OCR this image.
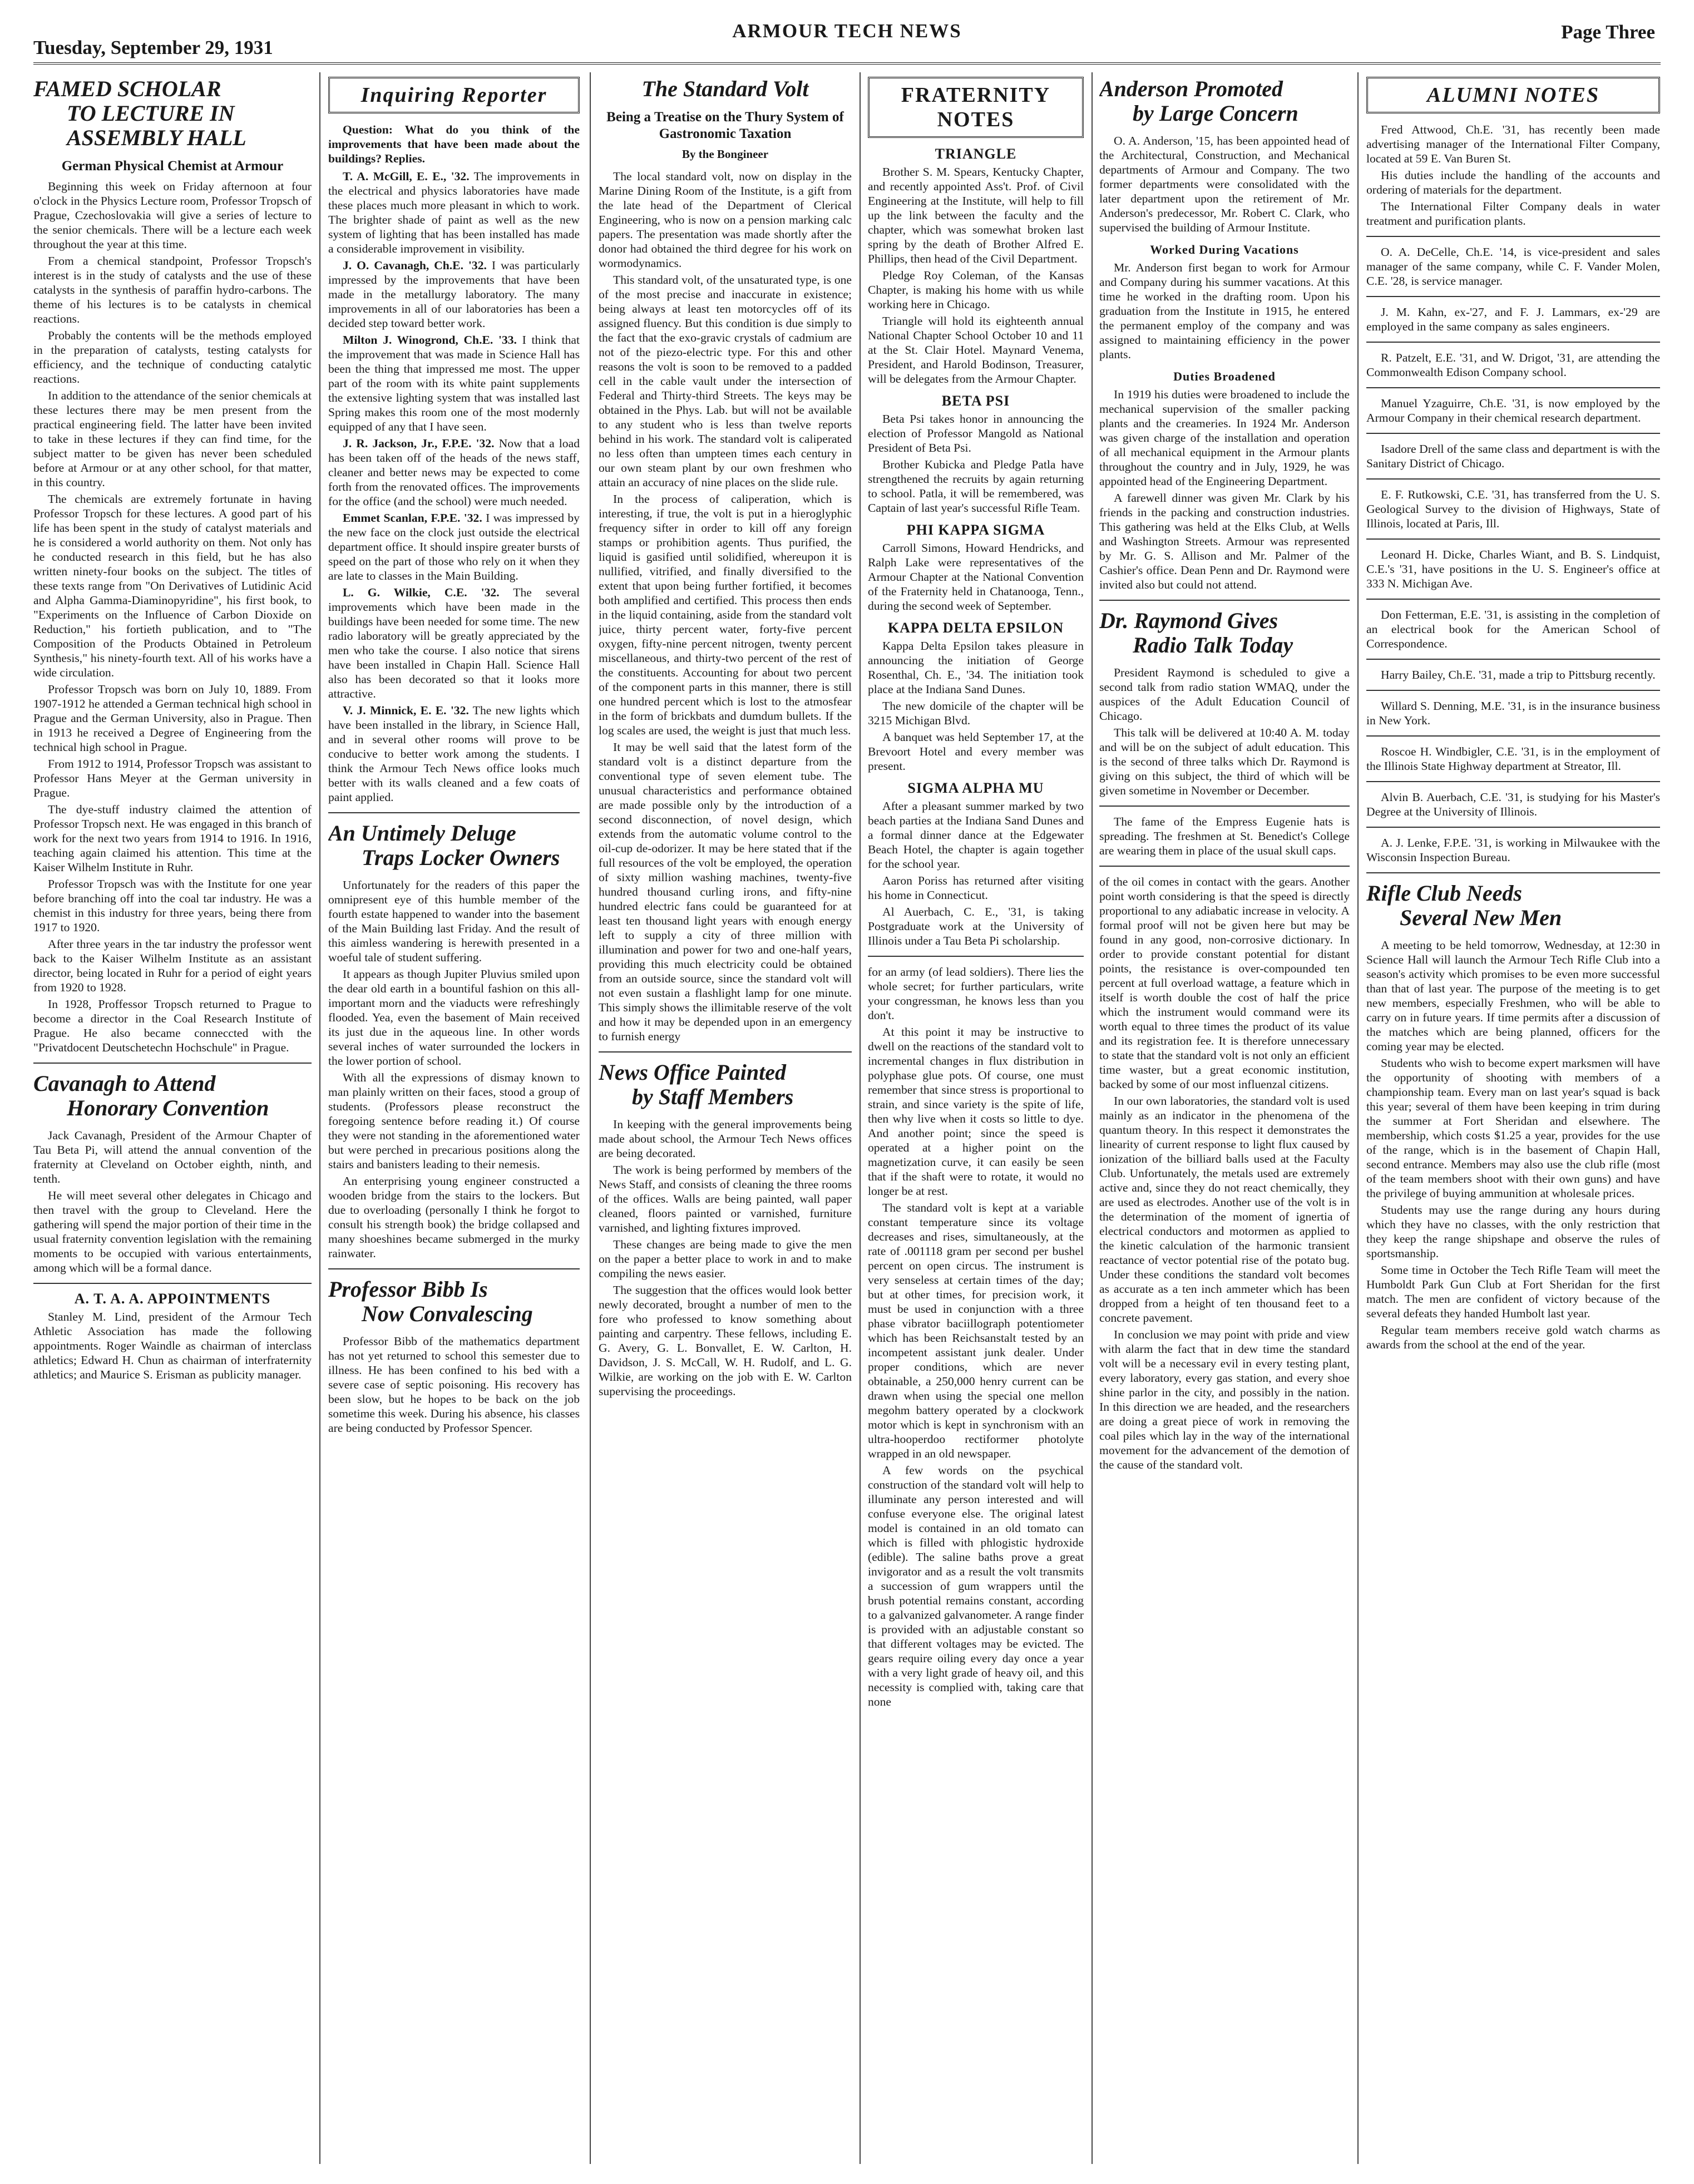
Tuesday, September 29, 1931
ARMOUR TECH NEWS	Page Three
FAMED SCHOLAR

TO LECTURE IN
ASSEMBLY HALL
German Physical Chemist at Armour

Beginning this week on Friday afternoon at four o'clock in the Physics Lecture room, Professor Tropsch of Prague, Czechoslovakia will give a series of lecture to the senior chemicals. There will be a lecture each week throughout the year at this time.

From a chemical standpoint, Professor Tropsch's interest is in the study of catalysts and the use of these catalysts in the synthesis of paraffin hydro-carbons. The theme of his lectures is to be catalysts in chemical reactions.

Probably the contents will be the methods employed in the preparation of catalysts, testing catalysts for efficiency, and the technique of conducting catalytic reactions.

In addition to the attendance of the senior chemicals at these lectures there may be men present from the practical engineering field. The latter have been invited to take in these lectures if they can find time, for the subject matter to be given has never been scheduled before at Armour or at any other school, for that matter, in this country.

The chemicals are extremely fortunate in having Professor Tropsch for these lectures. A good part of his life has been spent in the study of catalyst materials and he is considered a world authority on them. Not only has he conducted research in this field, but he has also written ninety-four books on the subject. The titles of these texts range from "On Derivatives of Lutidinic Acid and Alpha Gamma-Diaminopyridine", his first book, to "Experiments on the Influence of Carbon Dioxide on Reduction," his fortieth publication, and to "The Composition of the Products Obtained in Petroleum Synthesis," his ninety-fourth text. All of his works have a wide circulation.

Professor Tropsch was born on July 10, 1889. From 1907-1912 he attended a German technical high school in Prague and the German University, also in Prague. Then in 1913 he received a Degree of Engineering from the technical high school in Prague.

From 1912 to 1914, Professor Tropsch was assistant to Professor Hans Meyer at the German university in Prague.

The dye-stuff industry claimed the attention of Professor Tropsch next. He was engaged in this branch of work for the next two years from 1914 to 1916. In 1916, teaching again claimed his attention. This time at the Kaiser Wilhelm Institute in Ruhr.

Professor Tropsch was with the Institute for one year before branching off into the coal tar industry. He was a chemist in this industry for three years, being there from 1917 to 1920.

After three years in the tar industry the professor went back to the Kaiser Wilhelm Institute as an assistant director, being located in Ruhr for a period of eight years from 1920 to 1928.

In 1928, Proffessor Tropsch returned to Prague to become a director in the Coal Research Institute of Prague. He also became conneccted with the "Privatdocent Deutschetechn Hochschule" in Prague.

Cavanagh to Attend
Honorary Convention

Jack Cavanagh, President of the Armour Chapter of Tau Beta Pi, will attend the annual convention of the fraternity at Cleveland on October eighth, ninth, and tenth.

He will meet several other delegates in Chicago and then travel with the group to Cleveland. Here the gathering will spend the major portion of their time in the usual fraternity convention legislation with the remaining moments to be occupied with various entertainments, among which will be a formal dance.

A. T. A. A. APPOINTMENTS

Stanley M. Lind, president of the Armour Tech Athletic Association has made the following appointments. Roger Waindle as chairman of interclass athletics; Edward H. Chun as chairman of interfraternity athletics; and Maurice S. Erisman as publicity manager.

Inquiring Reporter
Question: What do you think of the improvements that have been made about the buildings? Replies.

T. A. McGill, E. E., '32. The improvements in the electrical and physics laboratories have made these places much more pleasant in which to work. The brighter shade of paint as well as the new system of lighting that has been installed has made a considerable improvement in visibility.

J. O. Cavanagh, Ch.E. '32. I was particularly impressed by the improvements that have been made in the metallurgy laboratory. The many improvements in all of our laboratories has been a decided step toward better work.

Milton J. Winogrond, Ch.E. '33. I think that the improvement that was made in Science Hall has been the thing that impressed me most. The upper part of the room with its white paint supplements the extensive lighting system that was installed last Spring makes this room one of the most modernly equipped of any that I have seen.

J. R. Jackson, Jr., F.P.E. '32. Now that a load has been taken off of the heads of the news staff, cleaner and better news may be expected to come forth from the renovated offices. The improvements for the office (and the school) were much needed.

Emmet Scanlan, F.P.E. '32. I was impressed by the new face on the clock just outside the electrical department office. It should inspire greater bursts of speed on the part of those who rely on it when they are late to classes in the Main Building.

L. G. Wilkie, C.E. '32. The several improvements which have been made in the buildings have been needed for some time. The new radio laboratory will be greatly appreciated by the men who take the course. I also notice that sirens have been installed in Chapin Hall. Science Hall also has been decorated so that it looks more attractive.

V. J. Minnick, E. E. '32. The new lights which have been installed in the library, in Science Hall, and in several other rooms will prove to be conducive to better work among the students. I think the Armour Tech News office looks much better with its walls cleaned and a few coats of paint applied.

An Untimely Deluge
Traps Locker Owners

Unfortunately for the readers of this paper the omnipresent eye of this humble member of the fourth estate happened to wander into the basement of the Main Building last Friday. And the result of this aimless wandering is herewith presented in a woeful tale of student suffering.

It appears as though Jupiter Pluvius smiled upon the dear old earth in a bountiful fashion on this all-important morn and the viaducts were refreshingly flooded. Yea, even the basement of Main received its just due in the aqueous line. In other words several inches of water surrounded the lockers in the lower portion of school.

With all the expressions of dismay known to man plainly written on their faces, stood a group of students. (Professors please reconstruct the foregoing sentence before reading it.) Of course they were not standing in the aforementioned water but were perched in precarious positions along the stairs and banisters leading to their nemesis.

An enterprising young engineer constructed a wooden bridge from the stairs to the lockers. But due to overloading (personally I think he forgot to consult his strength book) the bridge collapsed and many shoeshines became submerged in the murky rainwater.

Professor Bibb Is
Now Convalescing

Professor Bibb of the mathematics department has not yet returned to school this semester due to illness. He has been confined to his bed with a severe case of septic poisoning. His recovery has been slow, but he hopes to be back on the job sometime this week. During his absence, his classes are being conducted by Professor Spencer.

The Standard Volt
Being a Treatise on the Thury System of Gastronomic Taxation
By the Bongineer

The local standard volt, now on display in the Marine Dining Room of the Institute, is a gift from the late head of the Department of Clerical Engineering, who is now on a pension marking calc papers. The presentation was made shortly after the donor had obtained the third degree for his work on wormodynamics.

This standard volt, of the unsaturated type, is one of the most precise and inaccurate in existence; being always at least ten motorcycles off of its assigned fluency. But this condition is due simply to the fact that the exo-gravic crystals of cadmium are not of the piezo-electric type. For this and other reasons the volt is soon to be removed to a padded cell in the cable vault under the intersection of Federal and Thirty-third Streets. The keys may be obtained in the Phys. Lab. but will not be available to any student who is less than twelve reports behind in his work. The standard volt is caliperated no less often than umpteen times each century in our own steam plant by our own freshmen who attain an accuracy of nine places on the slide rule.

In the process of caliperation, which is interesting, if true, the volt is put in a hieroglyphic frequency sifter in order to kill off any foreign stamps or prohibition agents. Thus purified, the liquid is gasified until solidified, whereupon it is nullified, vitrified, and finally diversified to the extent that upon being further fortified, it becomes both amplified and certified. This process then ends in the liquid containing, aside from the standard volt juice, thirty percent water, forty-five percent oxygen, fifty-nine percent nitrogen, twenty percent miscellaneous, and thirty-two percent of the rest of the constituents. Accounting for about two percent of the component parts in this manner, there is still one hundred percent which is lost to the atmosfear in the form of brickbats and dumdum bullets. If the log scales are used, the weight is just that much less.

It may be well said that the latest form of the standard volt is a distinct departure from the conventional type of seven element tube. The unusual characteristics and performance obtained are made possible only by the introduction of a second disconnection, of novel design, which extends from the automatic volume control to the oil-cup de-odorizer. It may be here stated that if the full resources of the volt be employed, the operation of sixty million washing machines, twenty-five hundred thousand curling irons, and fifty-nine hundred electric fans could be guaranteed for at least ten thousand light years with enough energy left to supply a city of three million with illumination and power for two and one-half years, providing this much electricity could be obtained from an outside source, since the standard volt will not even sustain a flashlight lamp for one minute. This simply shows the illimitable reserve of the volt and how it may be depended upon in an emergency to furnish energy

News Office Painted
by Staff Members

In keeping with the general improvements being made about school, the Armour Tech News offices are being decorated.

The work is being performed by members of the News Staff, and consists of cleaning the three rooms of the offices. Walls are being painted, wall paper cleaned, floors painted or varnished, furniture varnished, and lighting fixtures improved.

These changes are being made to give the men on the paper a better place to work in and to make compiling the news easier.

The suggestion that the offices would look better newly decorated, brought a number of men to the fore who professed to know something about painting and carpentry. These fellows, including E. G. Avery, G. L. Bonvallet, E. W. Carlton, H. Davidson, J. S. McCall, W. H. Rudolf, and L. G. Wilkie, are working on the job with E. W. Carlton supervising the proceedings.

FRATERNITY NOTES
TRIANGLE

Brother S. M. Spears, Kentucky Chapter, and recently appointed Ass't. Prof. of Civil Engineering at the Institute, will help to fill up the link between the faculty and the chapter, which was somewhat broken last spring by the death of Brother Alfred E. Phillips, then head of the Civil Department.

Pledge Roy Coleman, of the Kansas Chapter, is making his home with us while working here in Chicago.

Triangle will hold its eighteenth annual National Chapter School October 10 and 11 at the St. Clair Hotel. Maynard Venema, President, and Harold Bodinson, Treasurer, will be delegates from the Armour Chapter.

BETA PSI

Beta Psi takes honor in announcing the election of Professor Mangold as National President of Beta Psi.

Brother Kubicka and Pledge Patla have strengthened the recruits by again returning to school. Patla, it will be remembered, was Captain of last year's successful Rifle Team.

PHI KAPPA SIGMA

Carroll Simons, Howard Hendricks, and Ralph Lake were representatives of the Armour Chapter at the National Convention of the Fraternity held in Chatanooga, Tenn., during the second week of September.

KAPPA DELTA EPSILON

Kappa Delta Epsilon takes pleasure in announcing the initiation of George Rosenthal, Ch. E., '34. The initiation took place at the Indiana Sand Dunes.

The new domicile of the chapter will be 3215 Michigan Blvd.

A banquet was held September 17, at the Brevoort Hotel and every member was present.

SIGMA ALPHA MU

After a pleasant summer marked by two beach parties at the Indiana Sand Dunes and a formal dinner dance at the Edgewater Beach Hotel, the chapter is again together for the school year.

Aaron Poriss has returned after visiting his home in Connecticut.

Al Auerbach, C. E., '31, is taking Postgraduate work at the University of Illinois under a Tau Beta Pi scholarship.

for an army (of lead soldiers). There lies the whole secret; for further particulars, write your congressman, he knows less than you don't.

At this point it may be instructive to dwell on the reactions of the standard volt to incremental changes in flux distribution in polyphase glue pots. Of course, one must remember that since stress is proportional to strain, and since variety is the spite of life, then why live when it costs so little to dye. And another point; since the speed is operated at a higher point on the magnetization curve, it can easily be seen that if the shaft were to rotate, it would no longer be at rest.

The standard volt is kept at a variable constant temperature since its voltage decreases and rises, simultaneously, at the rate of .001118 gram per second per bushel percent on open circus. The instrument is very senseless at certain times of the day; but at other times, for precision work, it must be used in conjunction with a three phase vibrator baciillograph potentiometer which has been Reichsanstalt tested by an incompetent assistant junk dealer. Under proper conditions, which are never obtainable, a 250,000 henry current can be drawn when using the special one mellon megohm battery operated by a clockwork motor which is kept in synchronism with an ultra-hooperdoo rectiformer photolyte wrapped in an old newspaper.

A few words on the psychical construction of the standard volt will help to illuminate any person interested and will confuse everyone else. The original latest model is contained in an old tomato can which is filled with phlogistic hydroxide (edible). The saline baths prove a great invigorator and as a result the volt transmits a succession of gum wrappers until the brush potential remains constant, according to a galvanized galvanometer. A range finder is provided with an adjustable constant so that different voltages may be evicted. The gears require oiling every day once a year with a very light grade of heavy oil, and this necessity is complied with, taking care that none

Anderson Promoted
by Large Concern

O. A. Anderson, '15, has been appointed head of the Architectural, Construction, and Mechanical departments of Armour and Company. The two former departments were consolidated with the later department upon the retirement of Mr. Anderson's predecessor, Mr. Robert C. Clark, who supervised the building of Armour Institute.

Worked During Vacations

Mr. Anderson first began to work for Armour and Company during his summer vacations. At this time he worked in the drafting room. Upon his graduation from the Institute in 1915, he entered the permanent employ of the company and was assigned to maintaining efficiency in the power plants.

Duties Broadened

In 1919 his duties were broadened to include the mechanical supervision of the smaller packing plants and the creameries. In 1924 Mr. Anderson was given charge of the installation and operation of all mechanical equipment in the Armour plants throughout the country and in July, 1929, he was appointed head of the Engineering Department.

A farewell dinner was given Mr. Clark by his friends in the packing and construction industries. This gathering was held at the Elks Club, at Wells and Washington Streets. Armour was represented by Mr. G. S. Allison and Mr. Palmer of the Cashier's office. Dean Penn and Dr. Raymond were invited also but could not attend.

Dr. Raymond Gives
Radio Talk Today

President Raymond is scheduled to give a second talk from radio station WMAQ, under the auspices of the Adult Education Council of Chicago.

This talk will be delivered at 10:40 A. M. today and will be on the subject of adult education. This is the second of three talks which Dr. Raymond is giving on this subject, the third of which will be given sometime in November or December.

The fame of the Empress Eugenie hats is spreading. The freshmen at St. Benedict's College are wearing them in place of the usual skull caps.

of the oil comes in contact with the gears. Another point worth considering is that the speed is directly proportional to any adiabatic increase in velocity. A formal proof will not be given here but may be found in any good, non-corrosive dictionary. In order to provide constant potential for distant points, the resistance is over-compounded ten percent at full overload wattage, a feature which in itself is worth double the cost of half the price which the instrument would command were its worth equal to three times the product of its value and its registration fee. It is therefore unnecessary to state that the standard volt is not only an efficient time waster, but a great economic institution, backed by some of our most influenzal citizens.

In our own laboratories, the standard volt is used mainly as an indicator in the phenomena of the quantum theory. In this respect it demonstrates the linearity of current response to light flux caused by ionization of the billiard balls used at the Faculty Club. Unfortunately, the metals used are extremely active and, since they do not react chemically, they are used as electrodes. Another use of the volt is in the determination of the moment of ignertia of electrical conductors and motormen as applied to the kinetic calculation of the harmonic transient reactance of vector potential rise of the potato bug. Under these conditions the standard volt becomes as accurate as a ten inch ammeter which has been dropped from a height of ten thousand feet to a concrete pavement.

In conclusion we may point with pride and view with alarm the fact that in dew time the standard volt will be a necessary evil in every testing plant, every laboratory, every gas station, and every shoe shine parlor in the city, and possibly in the nation. In this direction we are headed, and the researchers are doing a great piece of work in removing the coal piles which lay in the way of the international movement for the advancement of the demotion of the cause of the standard volt.

ALUMNI NOTES

Fred Attwood, Ch.E. '31, has recently been made advertising manager of the International Filter Company, located at 59 E. Van Buren St.

His duties include the handling of the accounts and ordering of materials for the department.

The International Filter Company deals in water treatment and purification plants.

O. A. DeCelle, Ch.E. '14, is vice-president and sales manager of the same company, while C. F. Vander Molen, C.E. '28, is service manager.

J. M. Kahn, ex-'27, and F. J. Lammars, ex-'29 are employed in the same company as sales engineers.

R. Patzelt, E.E. '31, and W. Drigot, '31, are attending the Commonwealth Edison Company school.

Manuel Yzaguirre, Ch.E. '31, is now employed by the Armour Company in their chemical research department.

Isadore Drell of the same class and department is with the Sanitary District of Chicago.

E. F. Rutkowski, C.E. '31, has transferred from the U. S. Geological Survey to the division of Highways, State of Illinois, located at Paris, Ill.

Leonard H. Dicke, Charles Wiant, and B. S. Lindquist, C.E.'s '31, have positions in the U. S. Engineer's office at 333 N. Michigan Ave.

Don Fetterman, E.E. '31, is assisting in the completion of an electrical book for the American School of Correspondence.

Harry Bailey, Ch.E. '31, made a trip to Pittsburg recently.

Willard S. Denning, M.E. '31, is in the insurance business in New York.

Roscoe H. Windbigler, C.E. '31, is in the employment of the Illinois State Highway department at Streator, Ill.

Alvin B. Auerbach, C.E. '31, is studying for his Master's Degree at the University of Illinois.

A. J. Lenke, F.P.E. '31, is working in Milwaukee with the Wisconsin Inspection Bureau.

Rifle Club Needs
Several New Men

A meeting to be held tomorrow, Wednesday, at 12:30 in Science Hall will launch the Armour Tech Rifle Club into a season's activity which promises to be even more successful than that of last year. The purpose of the meeting is to get new members, especially Freshmen, who will be able to carry on in future years. If time permits after a discussion of the matches which are being planned, officers for the coming year may be elected.

Students who wish to become expert marksmen will have the opportunity of shooting with members of a championship team. Every man on last year's squad is back this year; several of them have been keeping in trim during the summer at Fort Sheridan and elsewhere. The membership, which costs $1.25 a year, provides for the use of the range, which is in the basement of Chapin Hall, second entrance. Members may also use the club rifle (most of the team members shoot with their own guns) and have the privilege of buying ammunition at wholesale prices.

Students may use the range during any hours during which they have no classes, with the only restriction that they keep the range shipshape and observe the rules of sportsmanship.

Some time in October the Tech Rifle Team will meet the Humboldt Park Gun Club at Fort Sheridan for the first match. The men are confident of victory because of the several defeats they handed Humbolt last year.

Regular team members receive gold watch charms as awards from the school at the end of the year.
